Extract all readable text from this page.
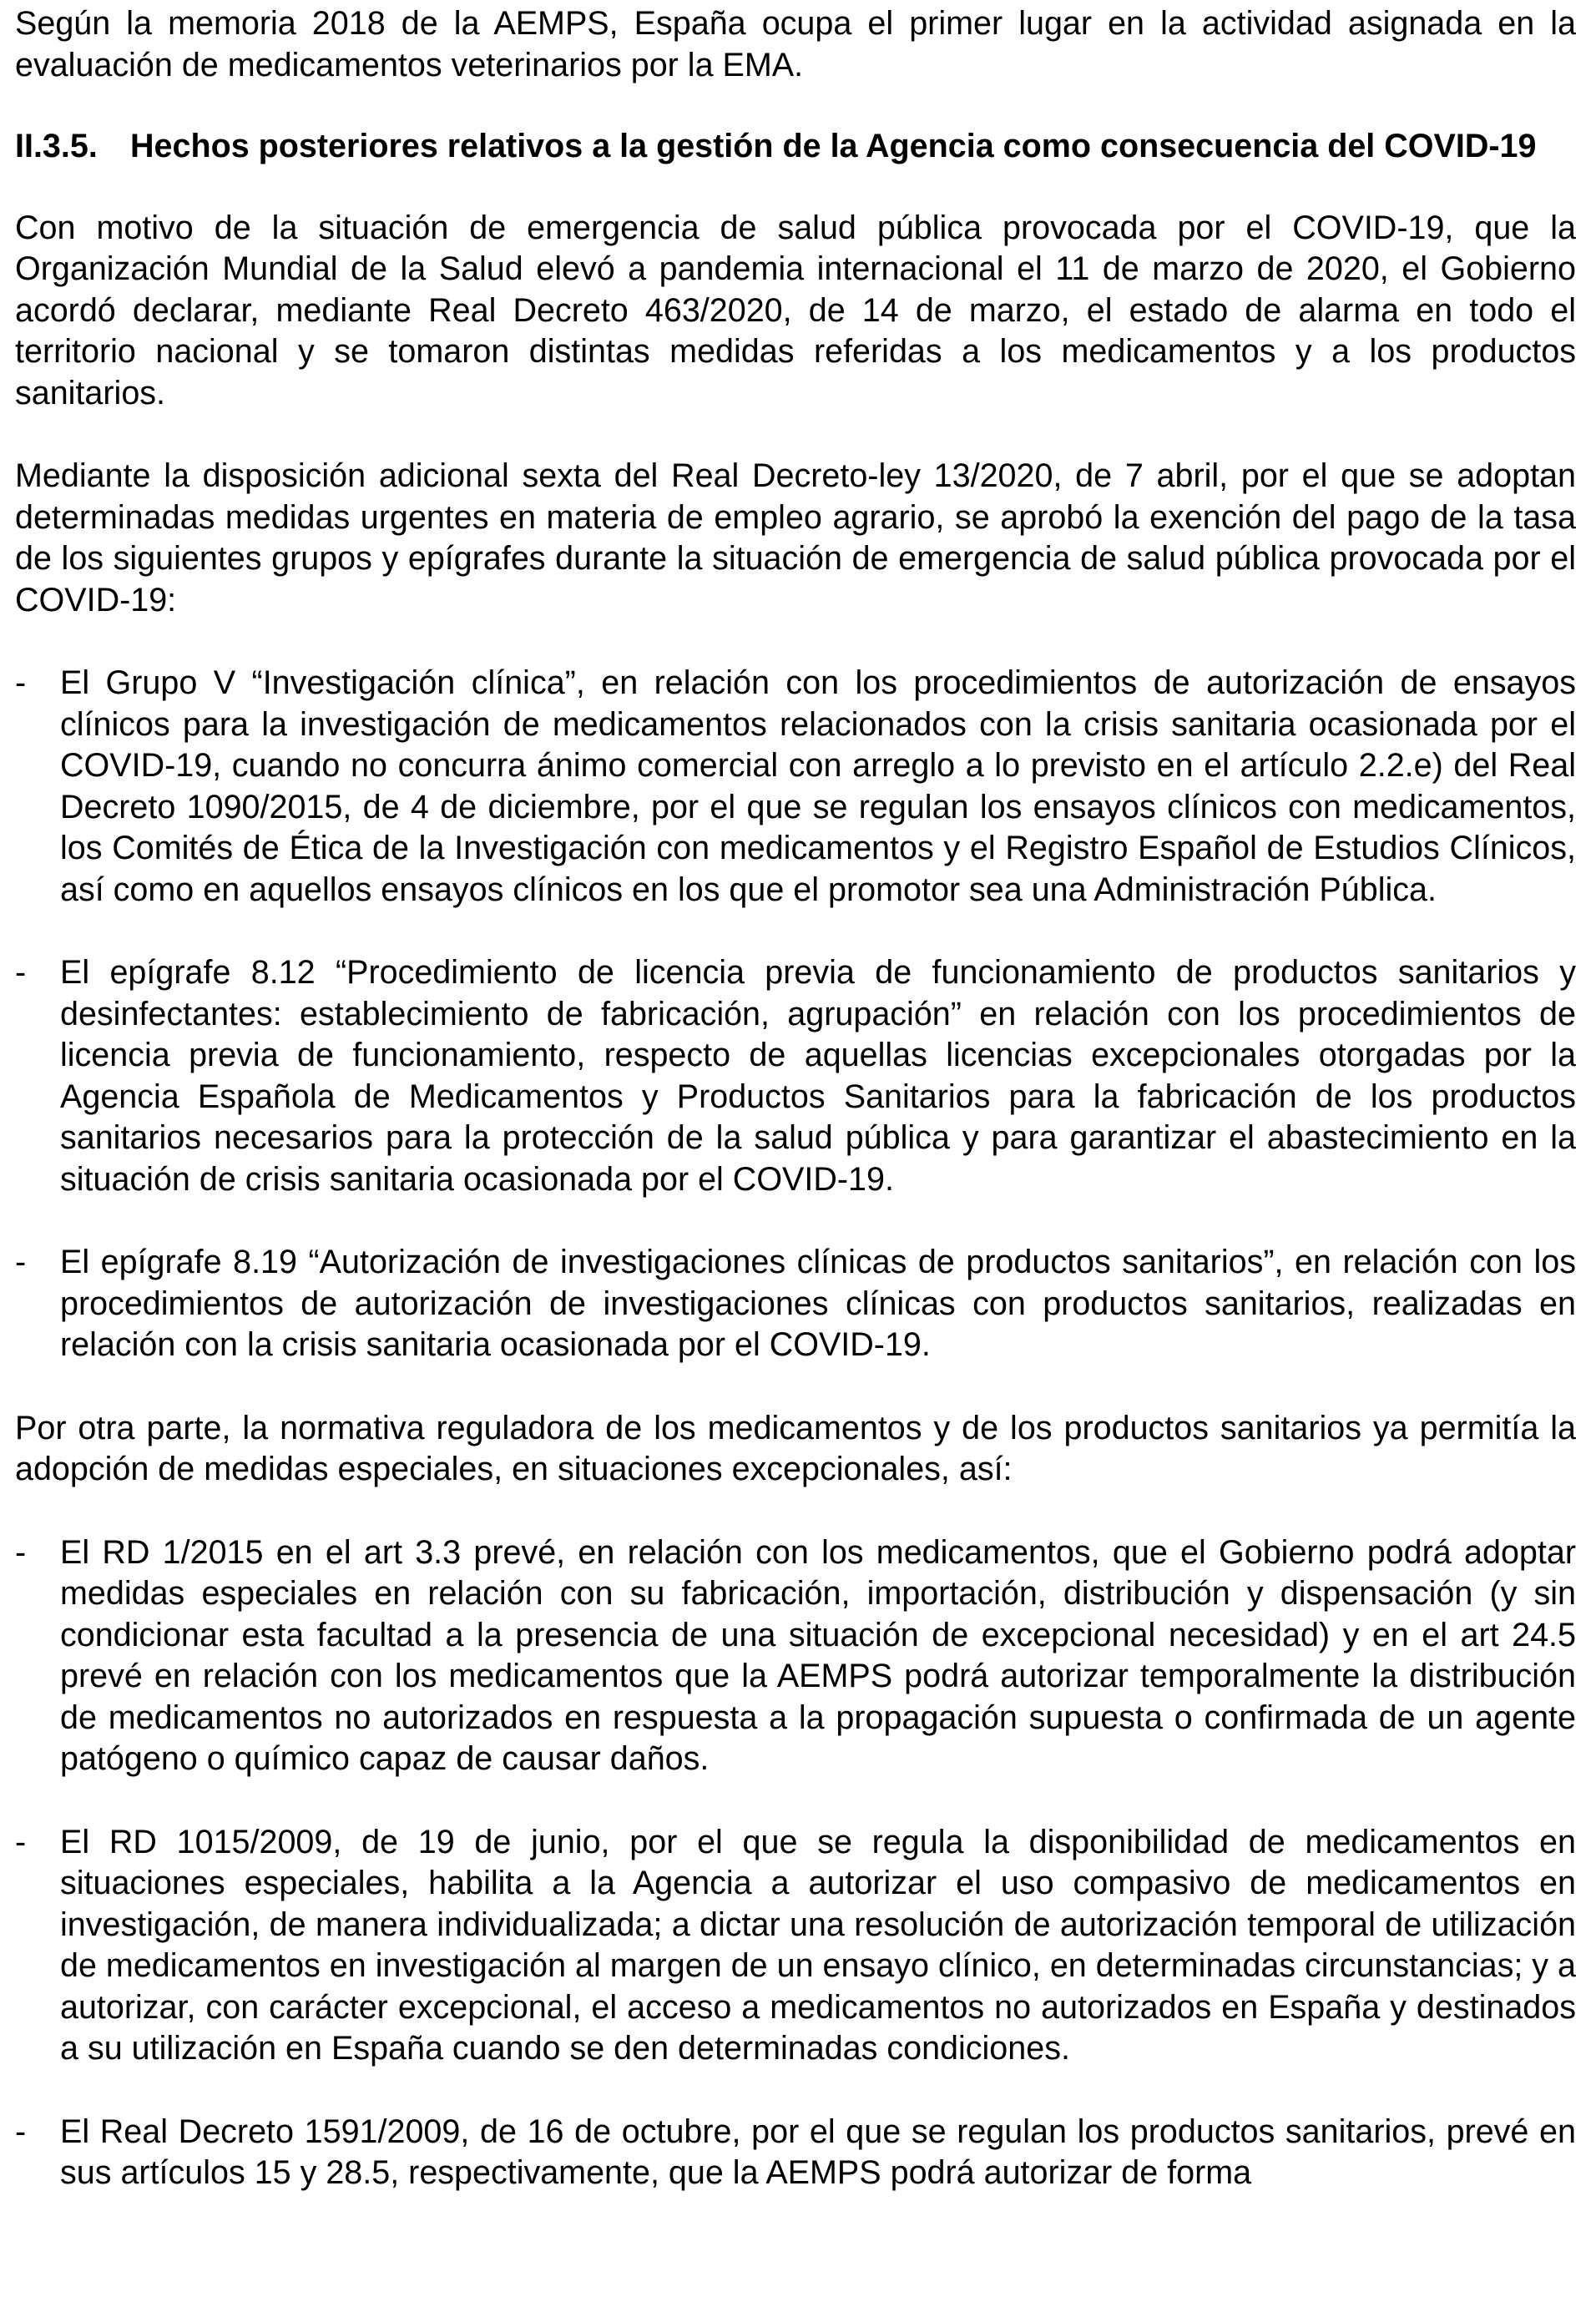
Según la memoria 2018 de la AEMPS, España ocupa el primer lugar en la actividad asignada en la evaluación de medicamentos veterinarios por la EMA.

II.3.5. Hechos posteriores relativos a la gestión de la Agencia como consecuencia del COVID-19

Con motivo de la situación de emergencia de salud pública provocada por el COVID-19, que la Organización Mundial de la Salud elevó a pandemia internacional el 11 de marzo de 2020, el Gobierno acordó declarar, mediante Real Decreto 463/2020, de 14 de marzo, el estado de alarma en todo el territorio nacional y se tomaron distintas medidas referidas a los medicamentos y a los productos sanitarios.

Mediante la disposición adicional sexta del Real Decreto-ley 13/2020, de 7 abril, por el que se adoptan determinadas medidas urgentes en materia de empleo agrario, se aprobó la exención del pago de la tasa de los siguientes grupos y epígrafes durante la situación de emergencia de salud pública provocada por el COVID-19:

-	El Grupo V “Investigación clínica”, en relación con los procedimientos de autorización de ensayos clínicos para la investigación de medicamentos relacionados con la crisis sanitaria ocasionada por el COVID-19, cuando no concurra ánimo comercial con arreglo a lo previsto en el artículo 2.2.e) del Real Decreto 1090/2015, de 4 de diciembre, por el que se regulan los ensayos clínicos con medicamentos, los Comités de Ética de la Investigación con medicamentos y el Registro Español de Estudios Clínicos, así como en aquellos ensayos clínicos en los que el promotor sea una Administración Pública.
-	El epígrafe 8.12 “Procedimiento de licencia previa de funcionamiento de productos sanitarios y desinfectantes: establecimiento de fabricación, agrupación” en relación con los procedimientos de licencia previa de funcionamiento, respecto de aquellas licencias excepcionales otorgadas por la Agencia Española de Medicamentos y Productos Sanitarios para la fabricación de los productos sanitarios necesarios para la protección de la salud pública y para garantizar el abastecimiento en la situación de crisis sanitaria ocasionada por el COVID-19.
-	El epígrafe 8.19 “Autorización de investigaciones clínicas de productos sanitarios”, en relación con los procedimientos de autorización de investigaciones clínicas con productos sanitarios, realizadas en relación con la crisis sanitaria ocasionada por el COVID-19.

Por otra parte, la normativa reguladora de los medicamentos y de los productos sanitarios ya permitía la adopción de medidas especiales, en situaciones excepcionales, así:

-	El RD 1/2015 en el art 3.3 prevé, en relación con los medicamentos, que el Gobierno podrá adoptar medidas especiales en relación con su fabricación, importación, distribución y dispensación (y sin condicionar esta facultad a la presencia de una situación de excepcional necesidad) y en el art 24.5 prevé en relación con los medicamentos que la AEMPS podrá autorizar temporalmente la distribución de medicamentos no autorizados en respuesta a la propagación supuesta o confirmada de un agente patógeno o químico capaz de causar daños.
-	El RD 1015/2009, de 19 de junio, por el que se regula la disponibilidad de medicamentos en situaciones especiales, habilita a la Agencia a autorizar el uso compasivo de medicamentos en investigación, de manera individualizada; a dictar una resolución de autorización temporal de utilización de medicamentos en investigación al margen de un ensayo clínico, en determinadas circunstancias; y a autorizar, con carácter excepcional, el acceso a medicamentos no autorizados en España y destinados a su utilización en España cuando se den determinadas condiciones.
-	El Real Decreto 1591/2009, de 16 de octubre, por el que se regulan los productos sanitarios, prevé en sus artículos 15 y 28.5, respectivamente, que la AEMPS podrá autorizar de forma
